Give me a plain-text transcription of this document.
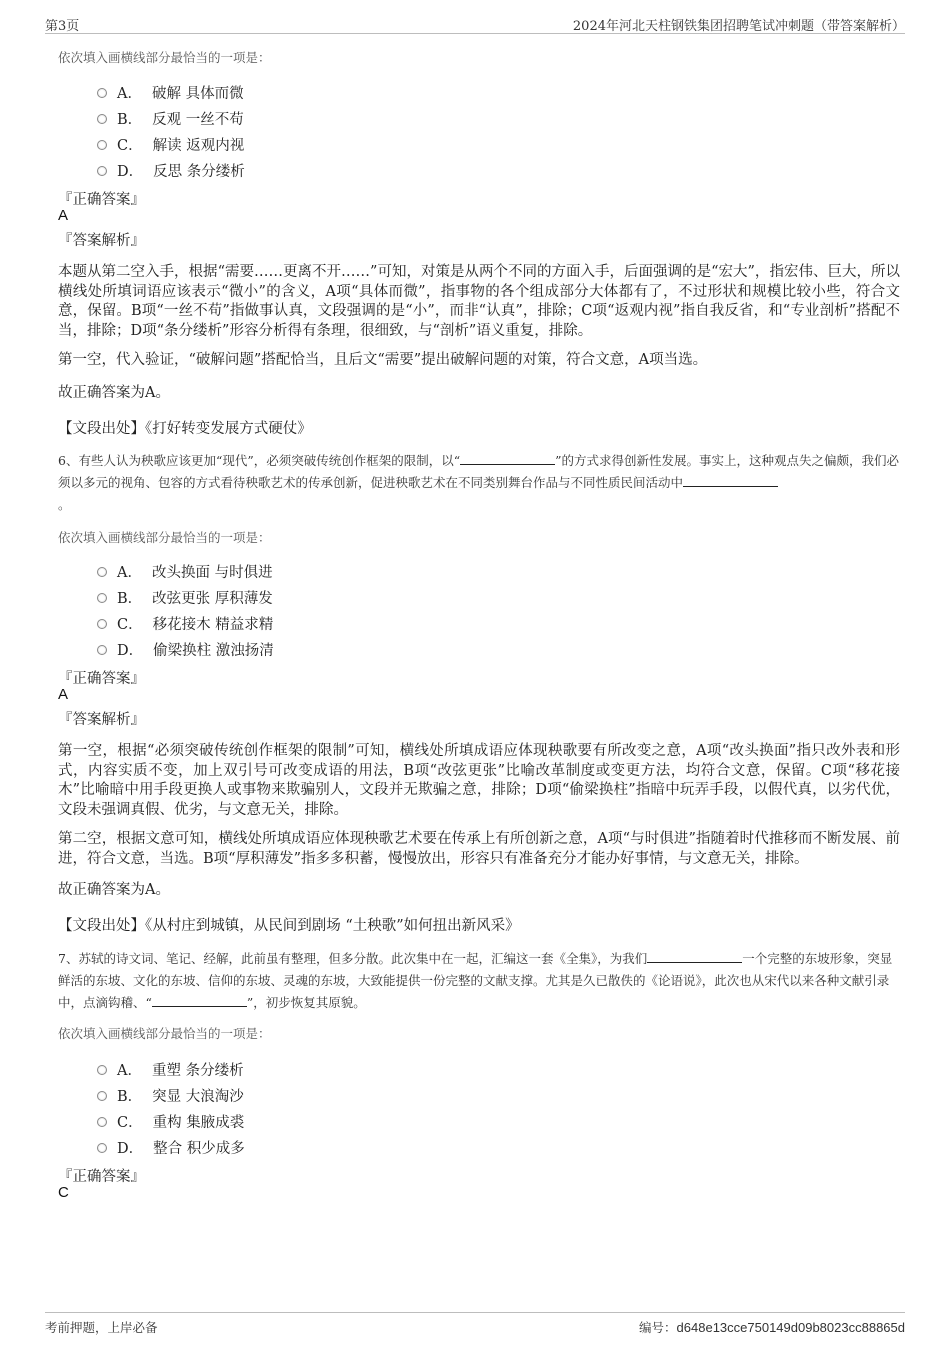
第3页	2024年河北天柱钢铁集团招聘笔试冲刺题（带答案解析）
依次填入画横线部分最恰当的一项是：
A． 破解 具体而微
B． 反观 一丝不苟
C． 解读 返观内视
D． 反思 条分缕析
『正确答案』
A
『答案解析』
本题从第二空入手，根据“需要……更离不开……”可知，对策是从两个不同的方面入手，后面强调的是“宏大”，指宏伟、巨大，所以横线处所填词语应该表示“微小”的含义，A项“具体而微”，指事物的各个组成部分大体都有了，不过形状和规模比较小些，符合文意，保留。B项“一丝不苟”指做事认真，文段强调的是“小”，而非“认真”，排除；C项“返观内视”指自我反省，和“专业剖析”搭配不当，排除；D项“条分缕析”形容分析得有条理，很细致，与“剖析”语义重复，排除。
第一空，代入验证，“破解问题”搭配恰当，且后文“需要”提出破解问题的对策，符合文意，A项当选。
故正确答案为A。
【文段出处】《打好转变发展方式硬仗》
6、有些人认为秧歌应该更加“现代”，必须突破传统创作框架的限制，以“	”的方式求得创新性发展。事实上，这种观点失之偏颇，我们必须以多元的视角、包容的方式看待秧歌艺术的传承创新，促进秧歌艺术在不同类别舞台作品与不同性质民间活动中
。
依次填入画横线部分最恰当的一项是：
A． 改头换面 与时俱进
B． 改弦更张 厚积薄发
C． 移花接木 精益求精
D． 偷梁换柱 激浊扬清
『正确答案』
A
『答案解析』
第一空，根据“必须突破传统创作框架的限制”可知，横线处所填成语应体现秧歌要有所改变之意，A项“改头换面”指只改外表和形式，内容实质不变，加上双引号可改变成语的用法，B项“改弦更张”比喻改革制度或变更方法，均符合文意，保留。C项“移花接木”比喻暗中用手段更换人或事物来欺骗别人，文段并无欺骗之意，排除；D项“偷梁换柱”指暗中玩弄手段，以假代真，以劣代优，文段未强调真假、优劣，与文意无关，排除。
第二空，根据文意可知，横线处所填成语应体现秧歌艺术要在传承上有所创新之意，A项“与时俱进”指随着时代推移而不断发展、前进，符合文意，当选。B项“厚积薄发”指多多积蓄，慢慢放出，形容只有准备充分才能办好事情，与文意无关，排除。
故正确答案为A。
【文段出处】《从村庄到城镇，从民间到剧场 “土秧歌”如何扭出新风采》
7、苏轼的诗文词、笔记、经解，此前虽有整理，但多分散。此次集中在一起，汇编这一套《全集》，为我们	一个完整的东坡形象，突显鲜活的东坡、文化的东坡、信仰的东坡、灵魂的东坡，大致能提供一份完整的文献支撑。尤其是久已散佚的《论语说》，此次也从宋代以来各种文献引录中，点滴钩稽、“	”，初步恢复其原貌。
依次填入画横线部分最恰当的一项是：
A． 重塑 条分缕析
B． 突显 大浪淘沙
C． 重构 集腋成裘
D． 整合 积少成多
『正确答案』
C
考前押题，上岸必备	编号：d648e13cce750149d09b8023cc88865d
